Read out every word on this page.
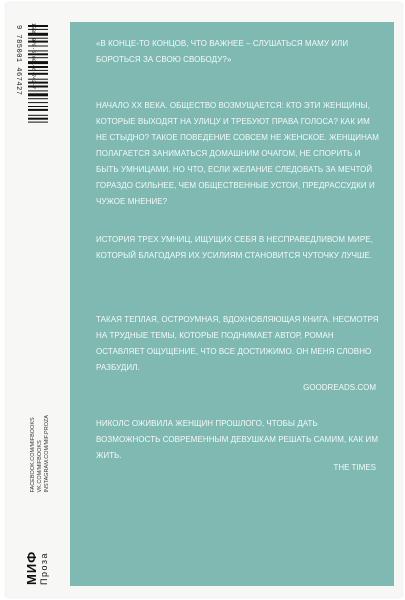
9 785001 467427 ISBN 978-5-00146-742-7
FACEBOOK.COM/MIFBOOKS VK.COM/MIFBOOKS INSTAGRAM.COM/MIF.PROZA
МИФ
Проза
«В КОНЦЕ-ТО КОНЦОВ, ЧТО ВАЖНЕЕ – СЛУШАТЬСЯ МАМУ ИЛИ БОРОТЬСЯ ЗА СВОЮ СВОБОДУ?»
НАЧАЛО XX ВЕКА. ОБЩЕСТВО ВОЗМУЩАЕТСЯ: КТО ЭТИ ЖЕНЩИНЫ, КОТОРЫЕ ВЫХОДЯТ НА УЛИЦУ И ТРЕБУЮТ ПРАВА ГОЛОСА? КАК ИМ НЕ СТЫДНО? ТАКОЕ ПОВЕДЕНИЕ СОВСЕМ НЕ ЖЕНСКОЕ. ЖЕНЩИНАМ ПОЛАГАЕТСЯ ЗАНИМАТЬСЯ ДОМАШНИМ ОЧАГОМ, НЕ СПОРИТЬ И БЫТЬ УМНИЦАМИ. НО ЧТО, ЕСЛИ ЖЕЛАНИЕ СЛЕДОВАТЬ ЗА МЕЧТОЙ ГОРАЗДО СИЛЬНЕЕ, ЧЕМ ОБЩЕСТВЕННЫЕ УСТОИ, ПРЕДРАССУДКИ И ЧУЖОЕ МНЕНИЕ?
ИСТОРИЯ ТРЕХ УМНИЦ, ИЩУЩИХ СЕБЯ В НЕСПРАВЕДЛИВОМ МИРЕ, КОТОРЫЙ БЛАГОДАРЯ ИХ УСИЛИЯМ СТАНОВИТСЯ ЧУТОЧКУ ЛУЧШЕ.
ТАКАЯ ТЕПЛАЯ, ОСТРОУМНАЯ, ВДОХНОВЛЯЮЩАЯ КНИГА. НЕСМОТРЯ НА ТРУДНЫЕ ТЕМЫ, КОТОРЫЕ ПОДНИМАЕТ АВТОР, РОМАН ОСТАВЛЯЕТ ОЩУЩЕНИЕ, ЧТО ВСЕ ДОСТИЖИМО. ОН МЕНЯ СЛОВНО РАЗБУДИЛ.
GOODREADS.COM
НИКОЛС ОЖИВИЛА ЖЕНЩИН ПРОШЛОГО, ЧТОБЫ ДАТЬ ВОЗМОЖНОСТЬ СОВРЕМЕННЫМ ДЕВУШКАМ РЕШАТЬ САМИМ, КАК ИМ ЖИТЬ.
THE TIMES
